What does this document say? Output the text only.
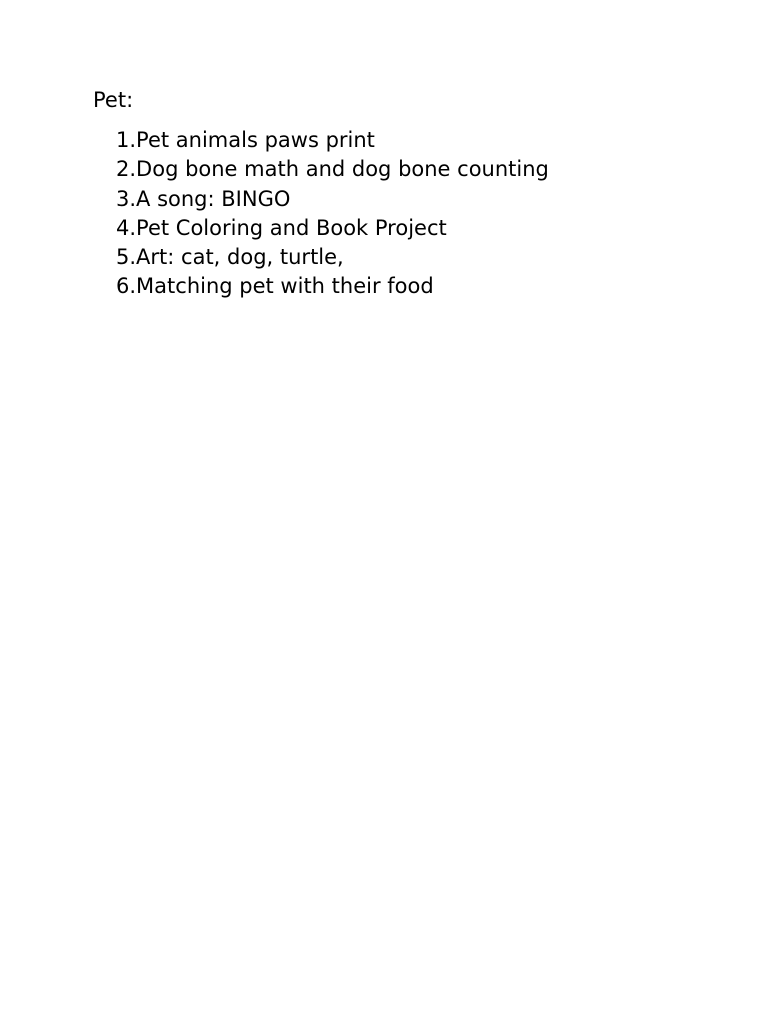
Pet:

1. Pet animals paws print
2. Dog bone math and dog bone counting
3. A song: BINGO
4. Pet Coloring and Book Project
5. Art: cat, dog, turtle,
6. Matching pet with their food
